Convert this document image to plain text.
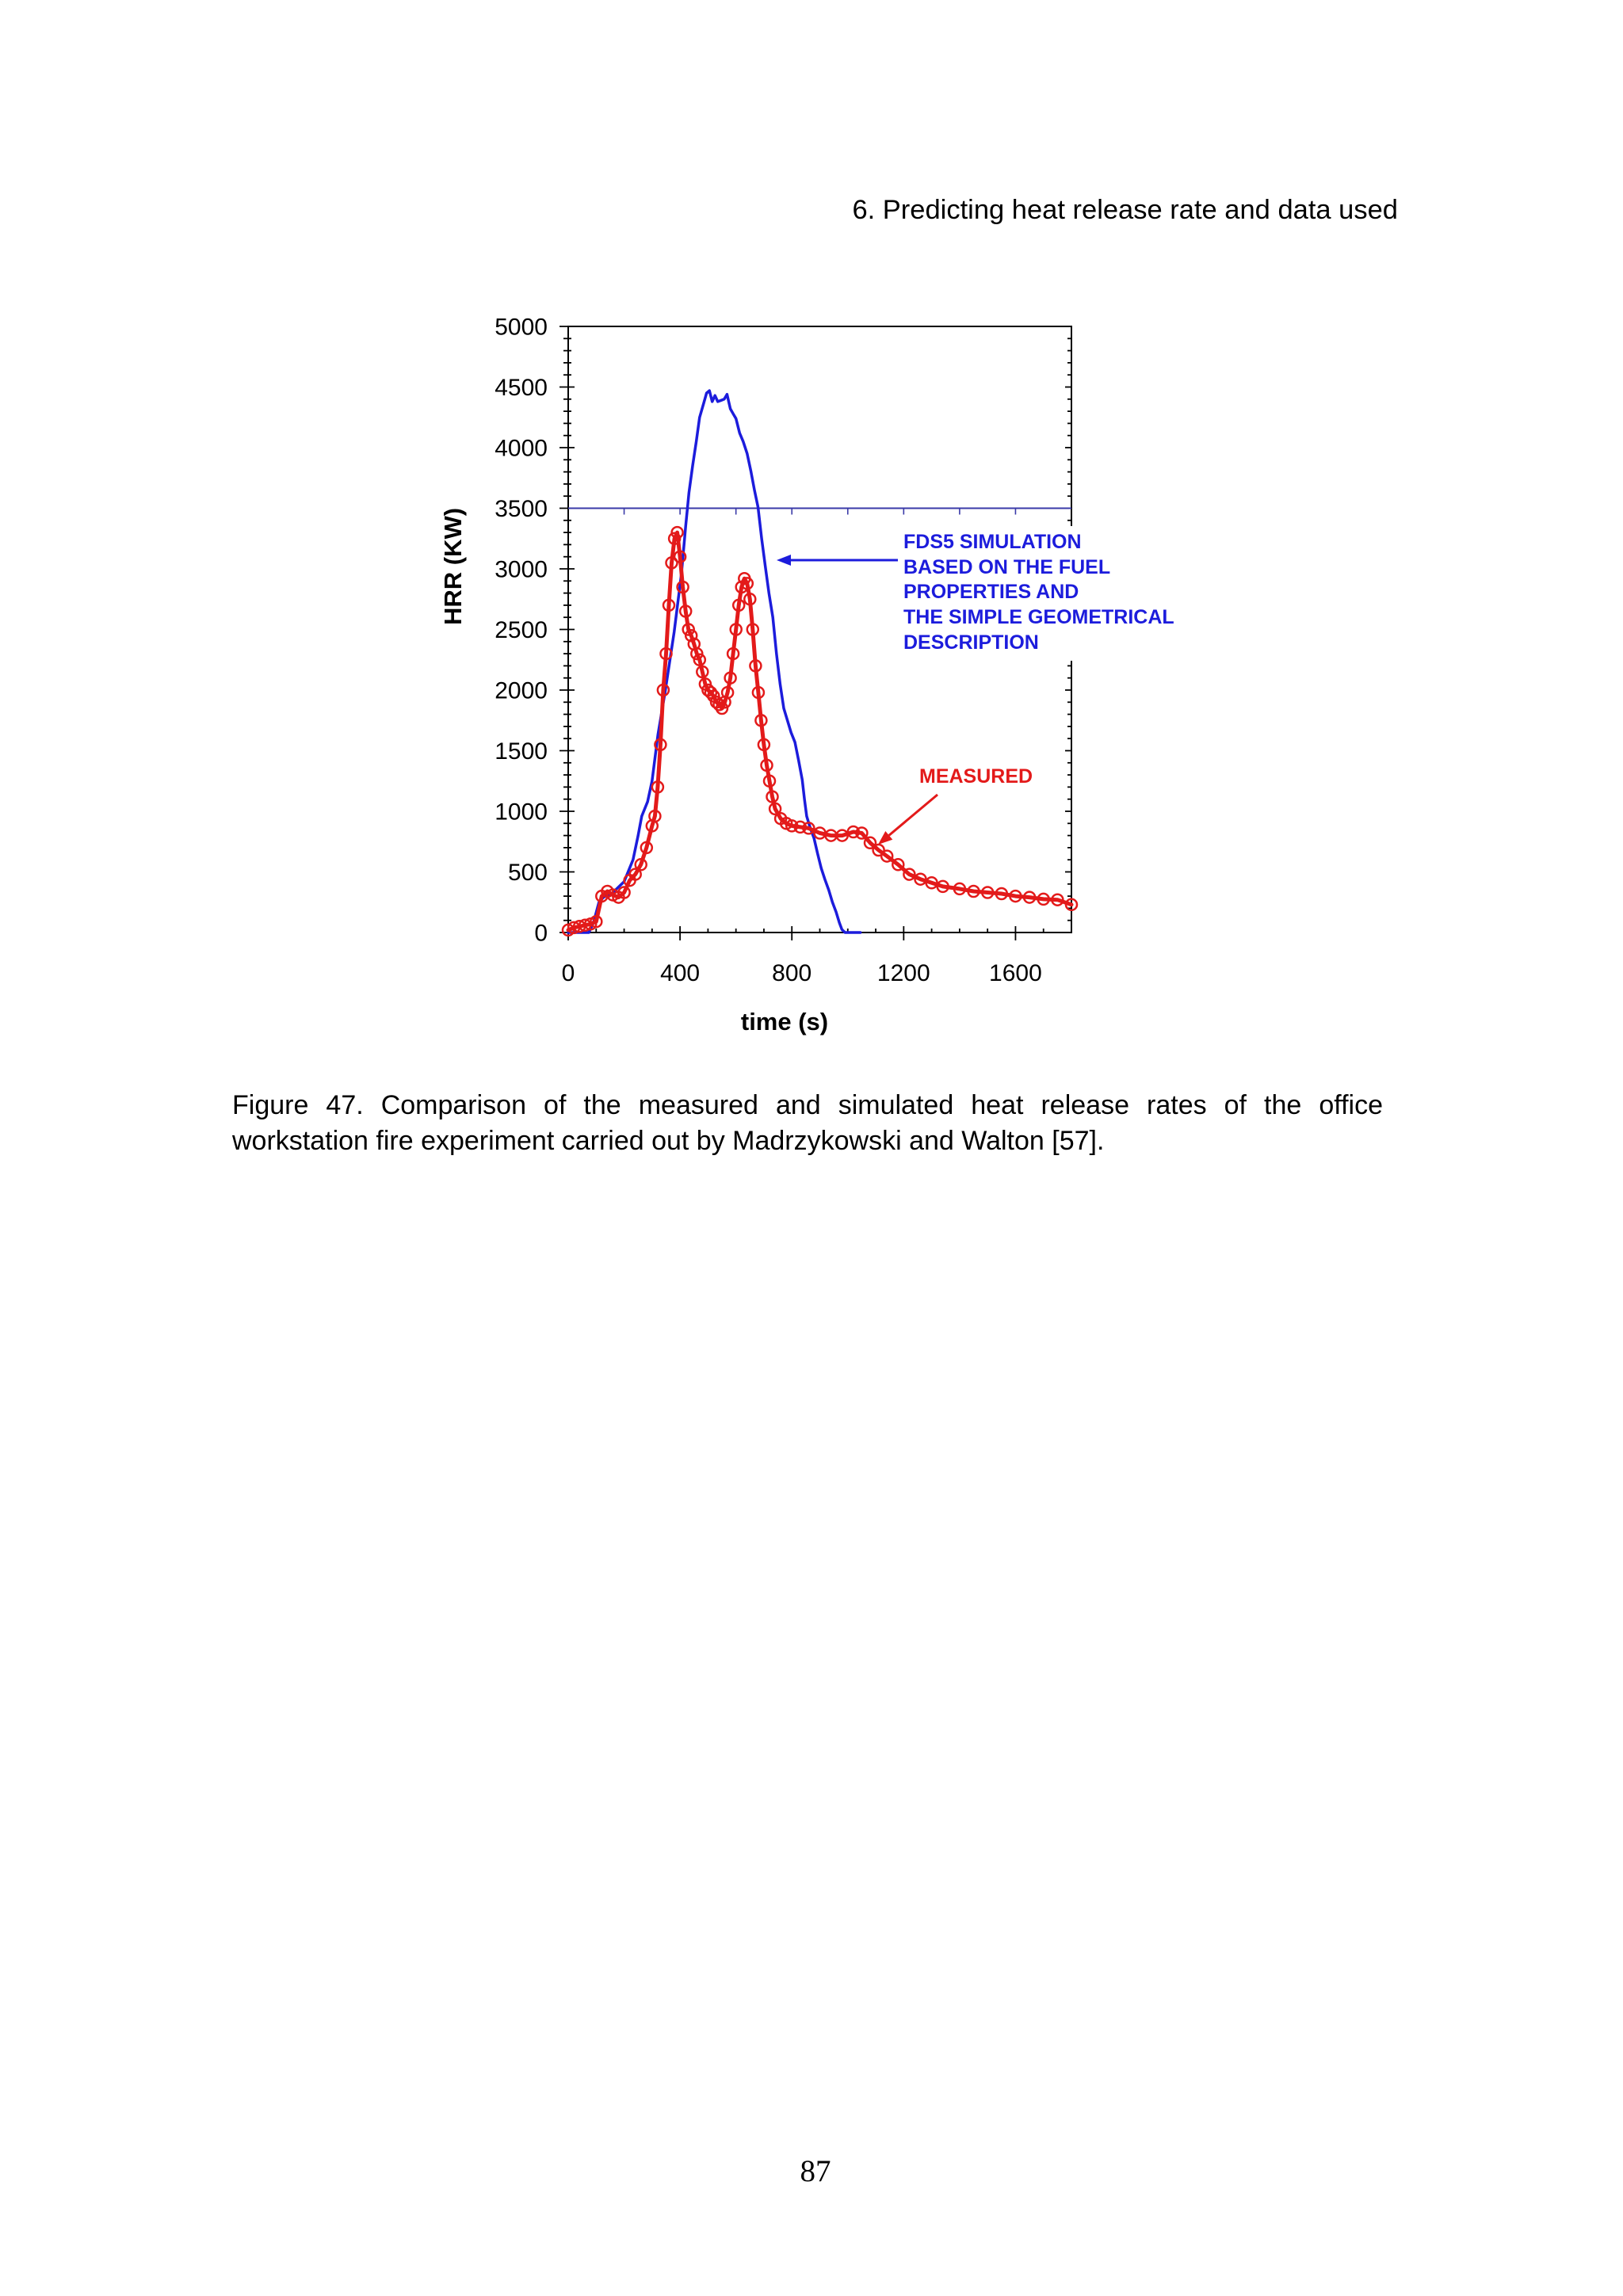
6. Predicting heat release rate and data used
FDS5 SIMULATION
BASED ON THE FUEL
PROPERTIES AND
THE SIMPLE GEOMETRICAL
DESCRIPTION
MEASURED
0
500
1000
1500
2000
2500
3000
3500
4000
4500
5000
0	400	800	1200 1600
HRR (KW)
time (s)
Figure 47. Comparison of the measured and simulated heat release rates of the office
workstation fire experiment carried out by Madrzykowski and Walton [57].
87
